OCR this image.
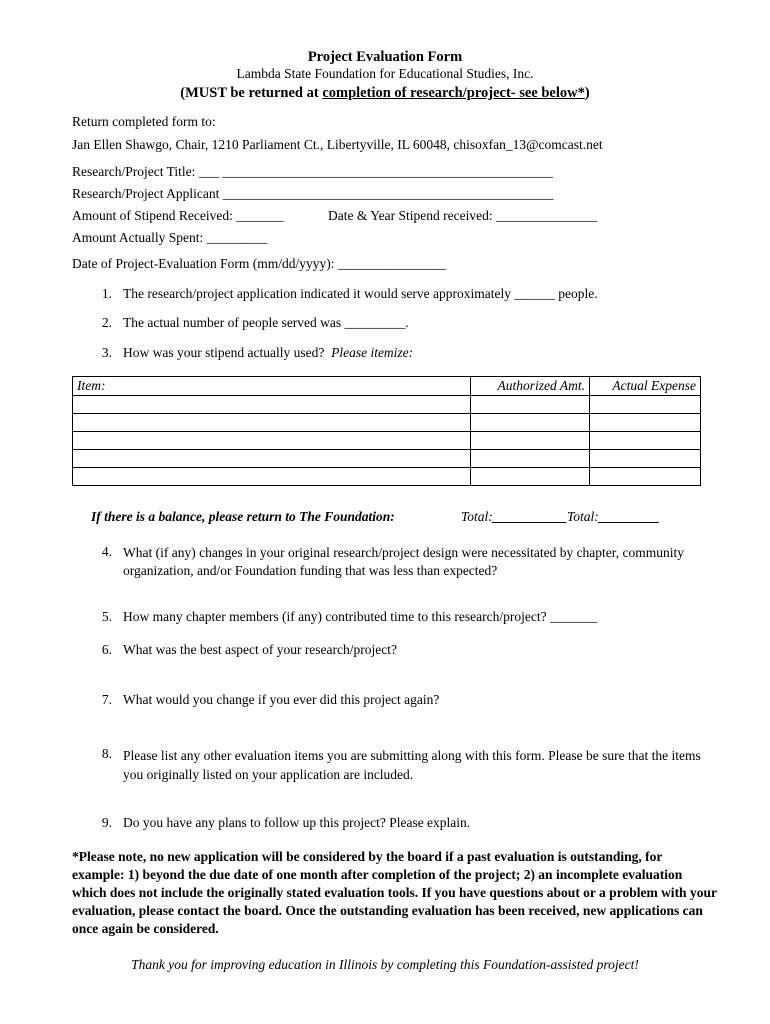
Project Evaluation Form
Lambda State Foundation for Educational Studies, Inc.
(MUST be returned at completion of research/project- see below*)
Return completed form to:
Jan Ellen Shawgo, Chair, 1210 Parliament Ct., Libertyville, IL 60048, chisoxfan_13@comcast.net
Research/Project Title: ___ _________________________________________________
Research/Project Applicant _________________________________________________
Amount of Stipend Received: _______	Date & Year Stipend received: _______________
Amount Actually Spent: _________
Date of Project-Evaluation Form (mm/dd/yyyy): ________________
1. The research/project application indicated it would serve approximately ______ people.
2. The actual number of people served was _________.
3. How was your stipend actually used? Please itemize:
Item:	Authorized Amt.	Actual Expense

If there is a balance, please return to The Foundation:	Total:___________Total:_________
4. What (if any) changes in your original research/project design were necessitated by chapter, community organization, and/or Foundation funding that was less than expected?
5. How many chapter members (if any) contributed time to this research/project? _______
6. What was the best aspect of your research/project?
7. What would you change if you ever did this project again?
8. Please list any other evaluation items you are submitting along with this form. Please be sure that the items you originally listed on your application are included.
9. Do you have any plans to follow up this project? Please explain.
*Please note, no new application will be considered by the board if a past evaluation is outstanding, for example: 1) beyond the due date of one month after completion of the project; 2) an incomplete evaluation which does not include the originally stated evaluation tools. If you have questions about or a problem with your evaluation, please contact the board. Once the outstanding evaluation has been received, new applications can once again be considered.
Thank you for improving education in Illinois by completing this Foundation-assisted project!
